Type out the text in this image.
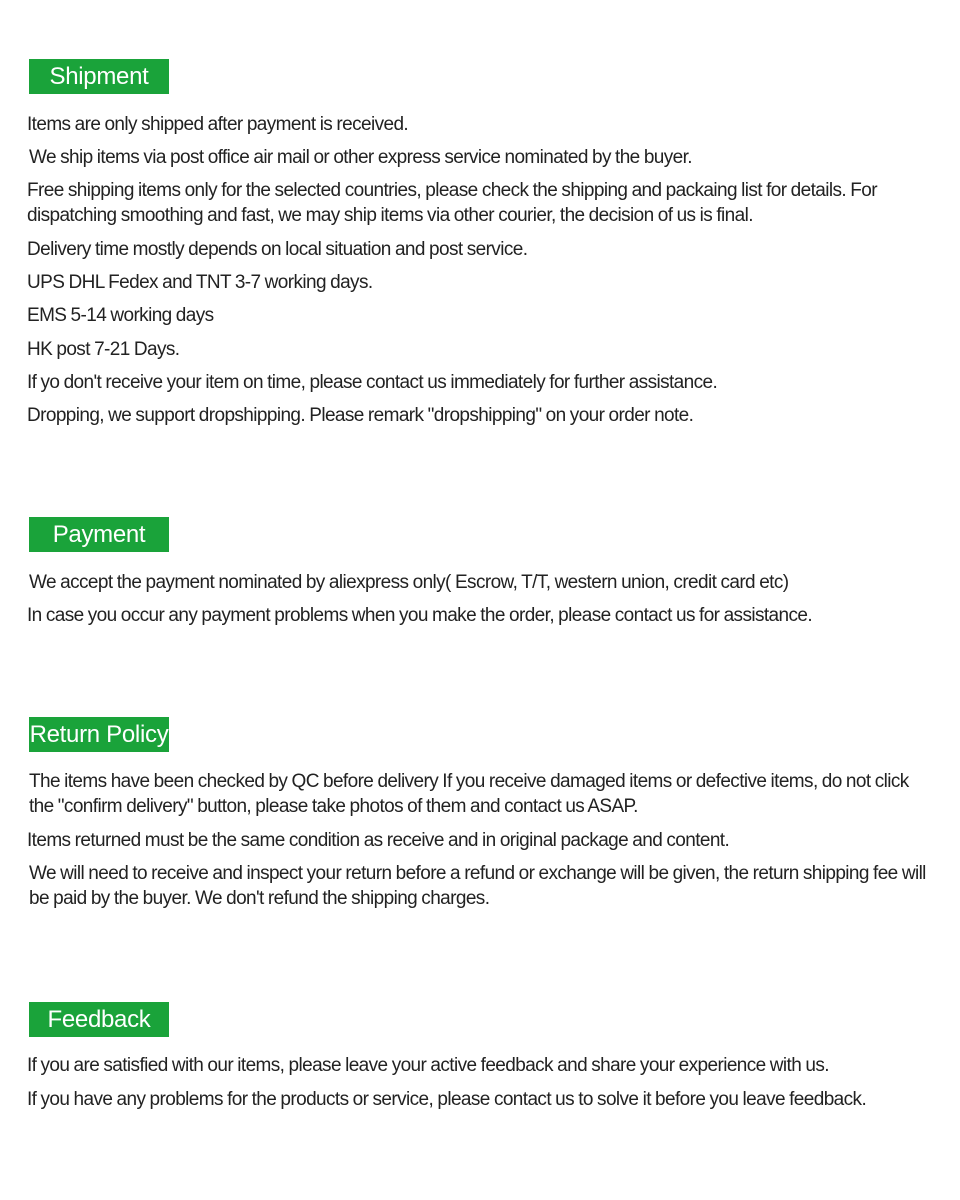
Shipment

Items are only shipped after payment is received.

We ship items via post office air mail or other express service nominated by the buyer.

Free shipping items only for the selected countries, please check the shipping and packaing list for details. For dispatching smoothing and fast, we may ship items via other courier, the decision of us is final.

Delivery time mostly depends on local situation and post service.

UPS DHL Fedex and TNT 3-7 working days.

EMS 5-14 working days

HK post 7-21 Days.

If yo don't receive your item on time, please contact us immediately for further assistance.

Dropping, we support dropshipping. Please remark "dropshipping" on your order note.

Payment

We accept the payment nominated by aliexpress only( Escrow, T/T, western union, credit card etc)

In case you occur any payment problems when you make the order, please contact us for assistance.

Return Policy

The items have been checked by QC before delivery If you receive damaged items or defective items, do not click the "confirm delivery" button, please take photos of them and contact us ASAP.

Items returned must be the same condition as receive and in original package and content.

We will need to receive and inspect your return before a refund or exchange will be given, the return shipping fee will be paid by the buyer. We don't refund the shipping charges.

Feedback

If you are satisfied with our items, please leave your active feedback and share your experience with us.

If you have any problems for the products or service, please contact us to solve it before you leave feedback.
